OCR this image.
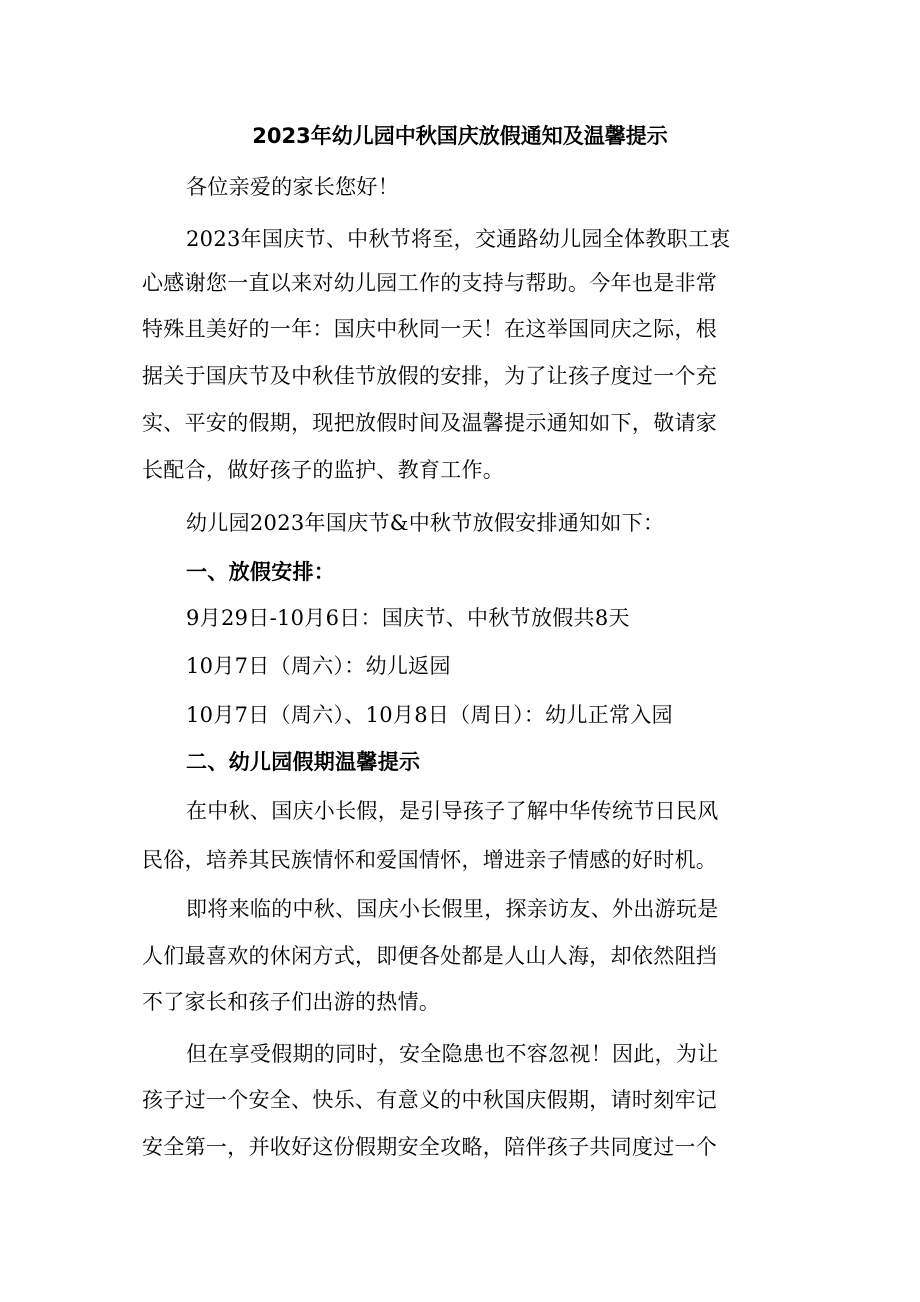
2023年幼儿园中秋国庆放假通知及温馨提示
各位亲爱的家长您好！
2023年国庆节、中秋节将至，交通路幼儿园全体教职工衷
心感谢您一直以来对幼儿园工作的支持与帮助。今年也是非常
特殊且美好的一年：国庆中秋同一天！在这举国同庆之际，根
据关于国庆节及中秋佳节放假的安排，为了让孩子度过一个充
实、平安的假期，现把放假时间及温馨提示通知如下，敬请家
长配合，做好孩子的监护、教育工作。
幼儿园2023年国庆节&中秋节放假安排通知如下：
一、放假安排：
9月29日-10月6日：国庆节、中秋节放假共8天
10月7日（周六）：幼儿返园
10月7日（周六）、10月8日（周日）：幼儿正常入园
二、幼儿园假期温馨提示
在中秋、国庆小长假，是引导孩子了解中华传统节日民风
民俗，培养其民族情怀和爱国情怀，增进亲子情感的好时机。
即将来临的中秋、国庆小长假里，探亲访友、外出游玩是
人们最喜欢的休闲方式，即便各处都是人山人海，却依然阻挡
不了家长和孩子们出游的热情。
但在享受假期的同时，安全隐患也不容忽视！因此，为让
孩子过一个安全、快乐、有意义的中秋国庆假期，请时刻牢记
安全第一，并收好这份假期安全攻略，陪伴孩子共同度过一个
